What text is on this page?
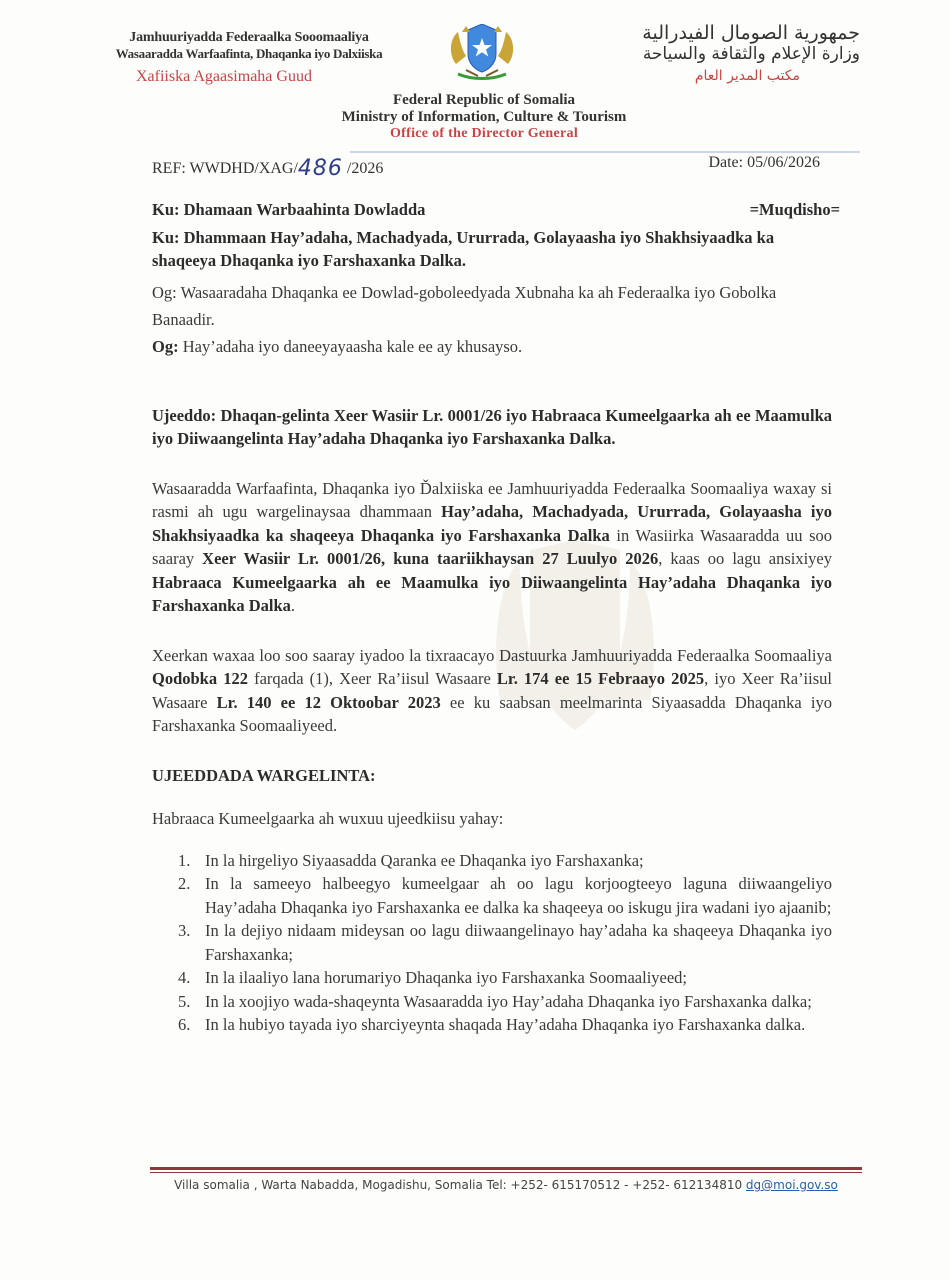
Jamhuuriyadda Federaalka Sooomaaliya
Wasaaradda Warfaafinta, Dhaqanka iyo Dalxiiska
Xafiiska Agaasimaha Guud
جمهورية الصومال الفيدرالية
وزارة الإعلام والثقافة والسياحة
مكتب المدير العام
Federal Republic of Somalia
Ministry of Information, Culture & Tourism
Office of the Director General
REF: WWDHD/XAG/486 /2026	Date: 05/06/2026

Ku: Dhamaan Warbaahinta Dowladda	=Muqdisho=

Ku: Dhammaan Hay’adaha, Machadyada, Ururrada, Golayaasha iyo Shakhsiyaadka ka shaqeeya Dhaqanka iyo Farshaxanka Dalka.

Og: Wasaaradaha Dhaqanka ee Dowlad-goboleedyada Xubnaha ka ah Federaalka iyo Gobolka Banaadir.

Og: Hay’adaha iyo daneeyayaasha kale ee ay khusayso.

Ujeeddo: Dhaqan-gelinta Xeer Wasiir Lr. 0001/26 iyo Habraaca Kumeelgaarka ah ee Maamulka iyo Diiwaangelinta Hay’adaha Dhaqanka iyo Farshaxanka Dalka.

Wasaaradda Warfaafinta, Dhaqanka iyo Ďalxiiska ee Jamhuuriyadda Federaalka Soomaaliya waxay si rasmi ah ugu wargelinaysaa dhammaan Hay’adaha, Machadyada, Ururrada, Golayaasha iyo Shakhsiyaadka ka shaqeeya Dhaqanka iyo Farshaxanka Dalka in Wasiirka Wasaaradda uu soo saaray Xeer Wasiir Lr. 0001/26, kuna taariikhaysan 27 Luulyo 2026, kaas oo lagu ansixiyey Habraaca Kumeelgaarka ah ee Maamulka iyo Diiwaangelinta Hay’adaha Dhaqanka iyo Farshaxanka Dalka.

Xeerkan waxaa loo soo saaray iyadoo la tixraacayo Dastuurka Jamhuuriyadda Federaalka Soomaaliya Qodobka 122 farqada (1), Xeer Ra’iisul Wasaare Lr. 174 ee 15 Febraayo 2025, iyo Xeer Ra’iisul Wasaare Lr. 140 ee 12 Oktoobar 2023 ee ku saabsan meelmarinta Siyaasadda Dhaqanka iyo Farshaxanka Soomaaliyeed.

UJEEDDADA WARGELINTA:

Habraaca Kumeelgaarka ah wuxuu ujeedkiisu yahay:

1. In la hirgeliyo Siyaasadda Qaranka ee Dhaqanka iyo Farshaxanka;
2. In la sameeyo halbeegyo kumeelgaar ah oo lagu korjoogteeyo laguna diiwaangeliyo Hay’adaha Dhaqanka iyo Farshaxanka ee dalka ka shaqeeya oo iskugu jira wadani iyo ajaanib;
3. In la dejiyo nidaam mideysan oo lagu diiwaangelinayo hay’adaha ka shaqeeya Dhaqanka iyo Farshaxanka;
4. In la ilaaliyo lana horumariyo Dhaqanka iyo Farshaxanka Soomaaliyeed;
5. In la xoojiyo wada-shaqeynta Wasaaradda iyo Hay’adaha Dhaqanka iyo Farshaxanka dalka;
6. In la hubiyo tayada iyo sharciyeynta shaqada Hay’adaha Dhaqanka iyo Farshaxanka dalka.
Villa somalia , Warta Nabadda, Mogadishu, Somalia Tel: +252- 615170512 - +252- 612134810 dg@moi.gov.so
